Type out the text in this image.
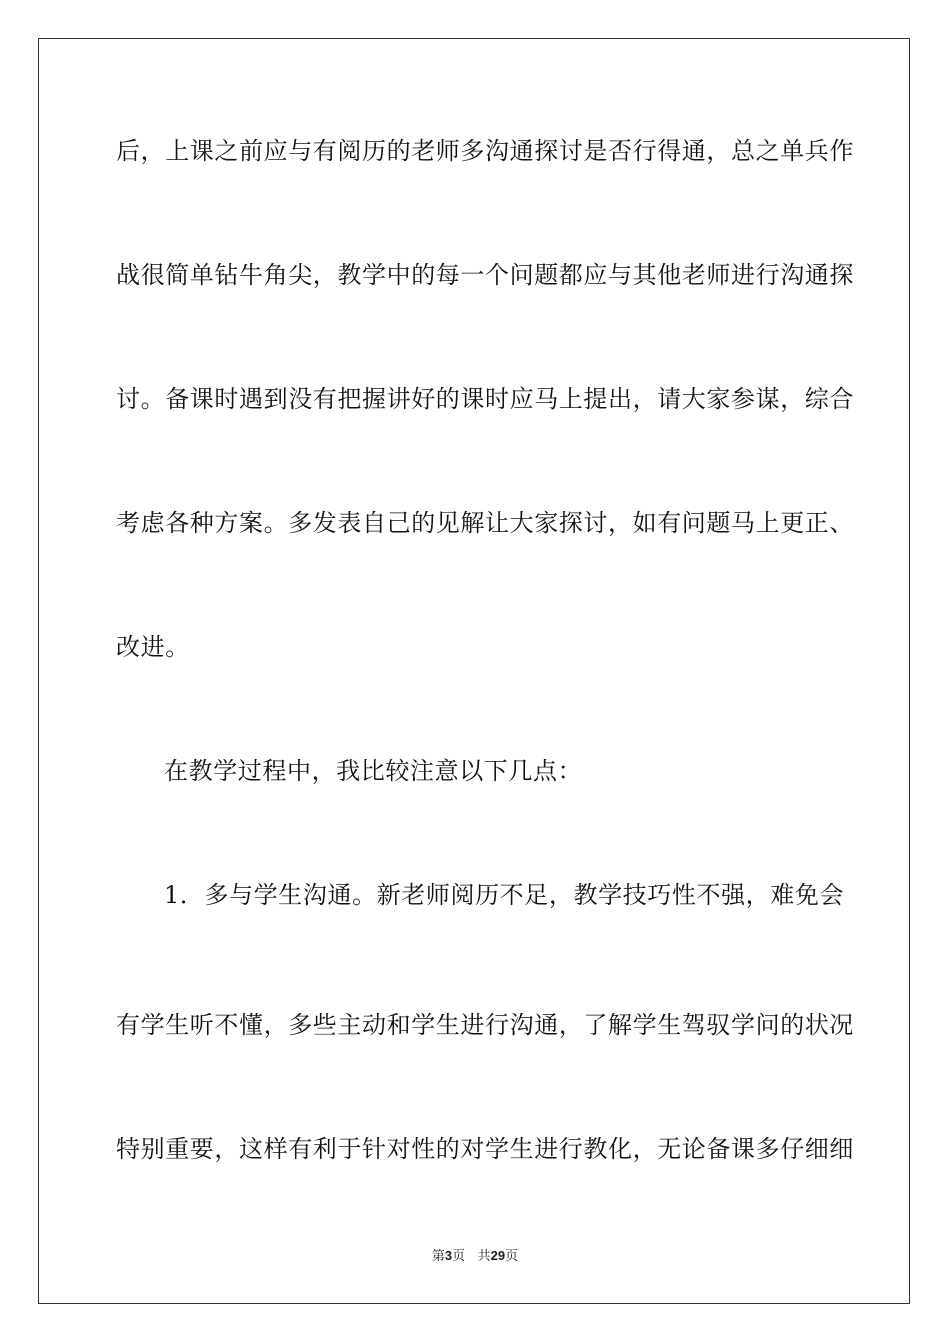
后，上课之前应与有阅历的老师多沟通探讨是否行得通，总之单兵作
战很简单钻牛角尖，教学中的每一个问题都应与其他老师进行沟通探
讨。备课时遇到没有把握讲好的课时应马上提出，请大家参谋，综合
考虑各种方案。多发表自己的见解让大家探讨，如有问题马上更正、
改进。
在教学过程中，我比较注意以下几点：
1．多与学生沟通。新老师阅历不足，教学技巧性不强，难免会
有学生听不懂，多些主动和学生进行沟通，了解学生驾驭学问的状况
特别重要，这样有利于针对性的对学生进行教化，无论备课多仔细细
第3页 共29页
